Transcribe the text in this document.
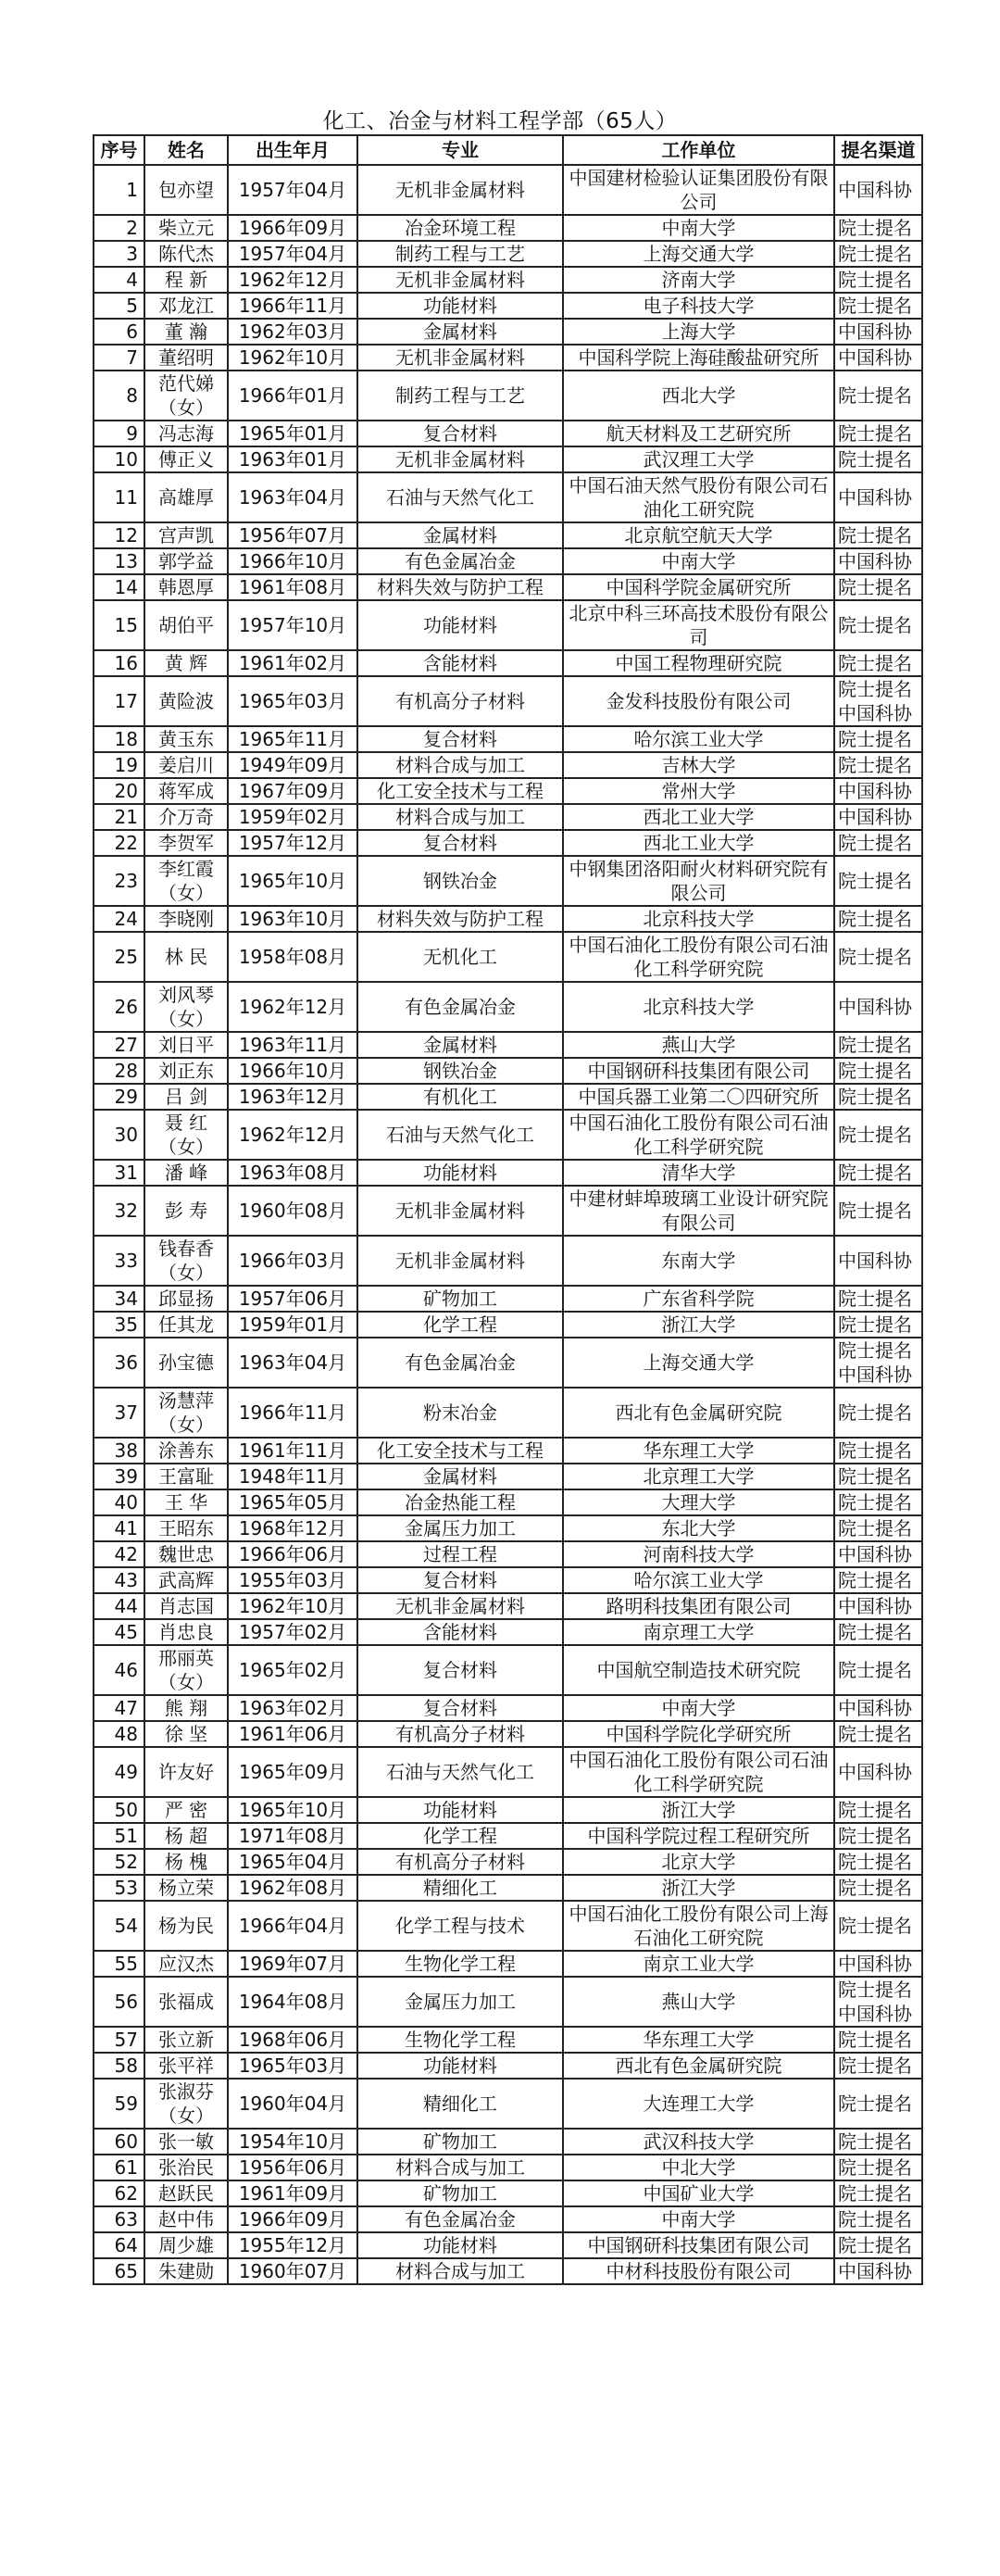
化工、冶金与材料工程学部（65人）
序号	姓名	出生年月	专业	工作单位	提名渠道
1	包亦望	1957年04月	无机非金属材料	中国建材检验认证集团股份有限公司	中国科协
2	柴立元	1966年09月	冶金环境工程	中南大学	院士提名
3	陈代杰	1957年04月	制药工程与工艺	上海交通大学	院士提名
4	程 新	1962年12月	无机非金属材料	济南大学	院士提名
5	邓龙江	1966年11月	功能材料	电子科技大学	院士提名
6	董 瀚	1962年03月	金属材料	上海大学	中国科协
7	董绍明	1962年10月	无机非金属材料	中国科学院上海硅酸盐研究所	中国科协
8	范代娣（女）	1966年01月	制药工程与工艺	西北大学	院士提名
9	冯志海	1965年01月	复合材料	航天材料及工艺研究所	院士提名
10	傅正义	1963年01月	无机非金属材料	武汉理工大学	院士提名
11	高雄厚	1963年04月	石油与天然气化工	中国石油天然气股份有限公司石油化工研究院	中国科协
12	宫声凯	1956年07月	金属材料	北京航空航天大学	院士提名
13	郭学益	1966年10月	有色金属冶金	中南大学	中国科协
14	韩恩厚	1961年08月	材料失效与防护工程	中国科学院金属研究所	院士提名
15	胡伯平	1957年10月	功能材料	北京中科三环高技术股份有限公司	院士提名
16	黄 辉	1961年02月	含能材料	中国工程物理研究院	院士提名
17	黄险波	1965年03月	有机高分子材料	金发科技股份有限公司	院士提名 中国科协
18	黄玉东	1965年11月	复合材料	哈尔滨工业大学	院士提名
19	姜启川	1949年09月	材料合成与加工	吉林大学	院士提名
20	蒋军成	1967年09月	化工安全技术与工程	常州大学	中国科协
21	介万奇	1959年02月	材料合成与加工	西北工业大学	中国科协
22	李贺军	1957年12月	复合材料	西北工业大学	院士提名
23	李红霞（女）	1965年10月	钢铁冶金	中钢集团洛阳耐火材料研究院有限公司	院士提名
24	李晓刚	1963年10月	材料失效与防护工程	北京科技大学	院士提名
25	林 民	1958年08月	无机化工	中国石油化工股份有限公司石油化工科学研究院	院士提名
26	刘风琴（女）	1962年12月	有色金属冶金	北京科技大学	中国科协
27	刘日平	1963年11月	金属材料	燕山大学	院士提名
28	刘正东	1966年10月	钢铁冶金	中国钢研科技集团有限公司	院士提名
29	吕 剑	1963年12月	有机化工	中国兵器工业第二〇四研究所	院士提名
30	聂 红（女）	1962年12月	石油与天然气化工	中国石油化工股份有限公司石油化工科学研究院	院士提名
31	潘 峰	1963年08月	功能材料	清华大学	院士提名
32	彭 寿	1960年08月	无机非金属材料	中建材蚌埠玻璃工业设计研究院有限公司	院士提名
33	钱春香（女）	1966年03月	无机非金属材料	东南大学	中国科协
34	邱显扬	1957年06月	矿物加工	广东省科学院	院士提名
35	任其龙	1959年01月	化学工程	浙江大学	院士提名
36	孙宝德	1963年04月	有色金属冶金	上海交通大学	院士提名 中国科协
37	汤慧萍（女）	1966年11月	粉末冶金	西北有色金属研究院	院士提名
38	涂善东	1961年11月	化工安全技术与工程	华东理工大学	院士提名
39	王富耻	1948年11月	金属材料	北京理工大学	院士提名
40	王 华	1965年05月	冶金热能工程	大理大学	院士提名
41	王昭东	1968年12月	金属压力加工	东北大学	院士提名
42	魏世忠	1966年06月	过程工程	河南科技大学	中国科协
43	武高辉	1955年03月	复合材料	哈尔滨工业大学	院士提名
44	肖志国	1962年10月	无机非金属材料	路明科技集团有限公司	中国科协
45	肖忠良	1957年02月	含能材料	南京理工大学	院士提名
46	邢丽英（女）	1965年02月	复合材料	中国航空制造技术研究院	院士提名
47	熊 翔	1963年02月	复合材料	中南大学	中国科协
48	徐 坚	1961年06月	有机高分子材料	中国科学院化学研究所	院士提名
49	许友好	1965年09月	石油与天然气化工	中国石油化工股份有限公司石油化工科学研究院	中国科协
50	严 密	1965年10月	功能材料	浙江大学	院士提名
51	杨 超	1971年08月	化学工程	中国科学院过程工程研究所	院士提名
52	杨 槐	1965年04月	有机高分子材料	北京大学	院士提名
53	杨立荣	1962年08月	精细化工	浙江大学	院士提名
54	杨为民	1966年04月	化学工程与技术	中国石油化工股份有限公司上海石油化工研究院	院士提名
55	应汉杰	1969年07月	生物化学工程	南京工业大学	中国科协
56	张福成	1964年08月	金属压力加工	燕山大学	院士提名 中国科协
57	张立新	1968年06月	生物化学工程	华东理工大学	院士提名
58	张平祥	1965年03月	功能材料	西北有色金属研究院	院士提名
59	张淑芬（女）	1960年04月	精细化工	大连理工大学	院士提名
60	张一敏	1954年10月	矿物加工	武汉科技大学	院士提名
61	张治民	1956年06月	材料合成与加工	中北大学	院士提名
62	赵跃民	1961年09月	矿物加工	中国矿业大学	院士提名
63	赵中伟	1966年09月	有色金属冶金	中南大学	院士提名
64	周少雄	1955年12月	功能材料	中国钢研科技集团有限公司	院士提名
65	朱建勋	1960年07月	材料合成与加工	中材科技股份有限公司	中国科协
